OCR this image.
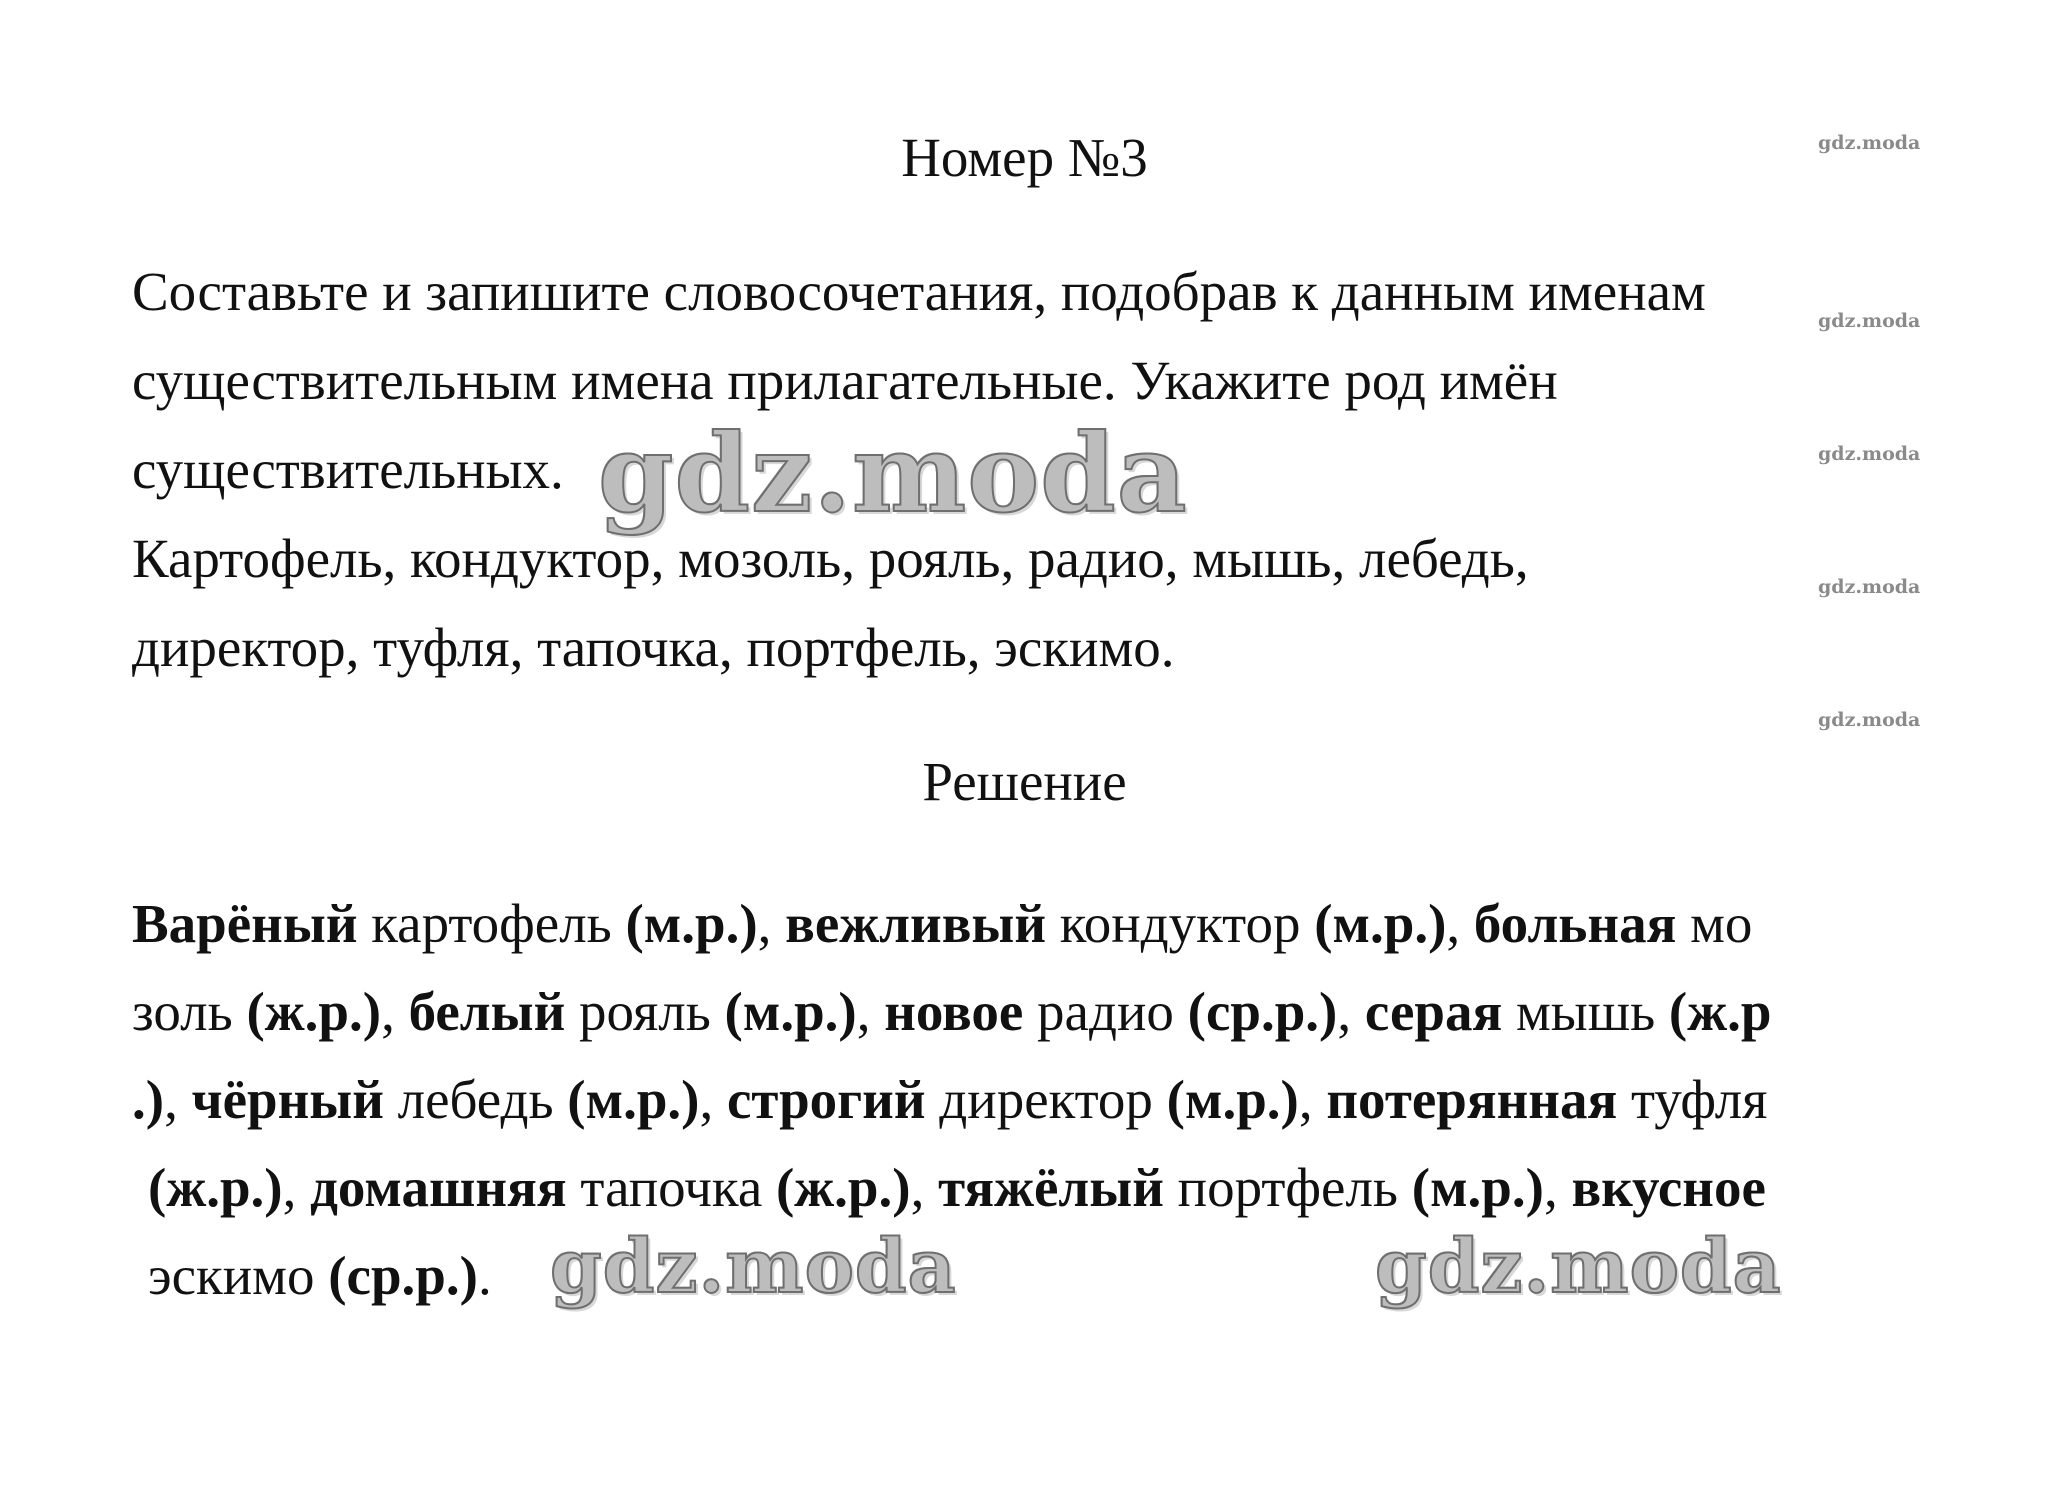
Номер №3
Составьте и запишите словосочетания, подобрав к данным именам
существительным имена прилагательные. Укажите род имён
существительных.
Картофель, кондуктор, мозоль, рояль, радио, мышь, лебедь,
директор, туфля, тапочка, портфель, эскимо.
Решение
Варёный картофель (м.р.), вежливый кондуктор (м.р.), больная мо
золь (ж.р.), белый рояль (м.р.), новое радио (ср.р.), серая мышь (ж.р
.), чёрный лебедь (м.р.), строгий директор (м.р.), потерянная туфля
(ж.р.), домашняя тапочка (ж.р.), тяжёлый портфель (м.р.), вкусное
эскимо (ср.р.).
gdz.moda
gdz.moda
gdz.moda
gdz.moda
gdz.moda
gdz.moda
gdz.moda	gdz.moda
